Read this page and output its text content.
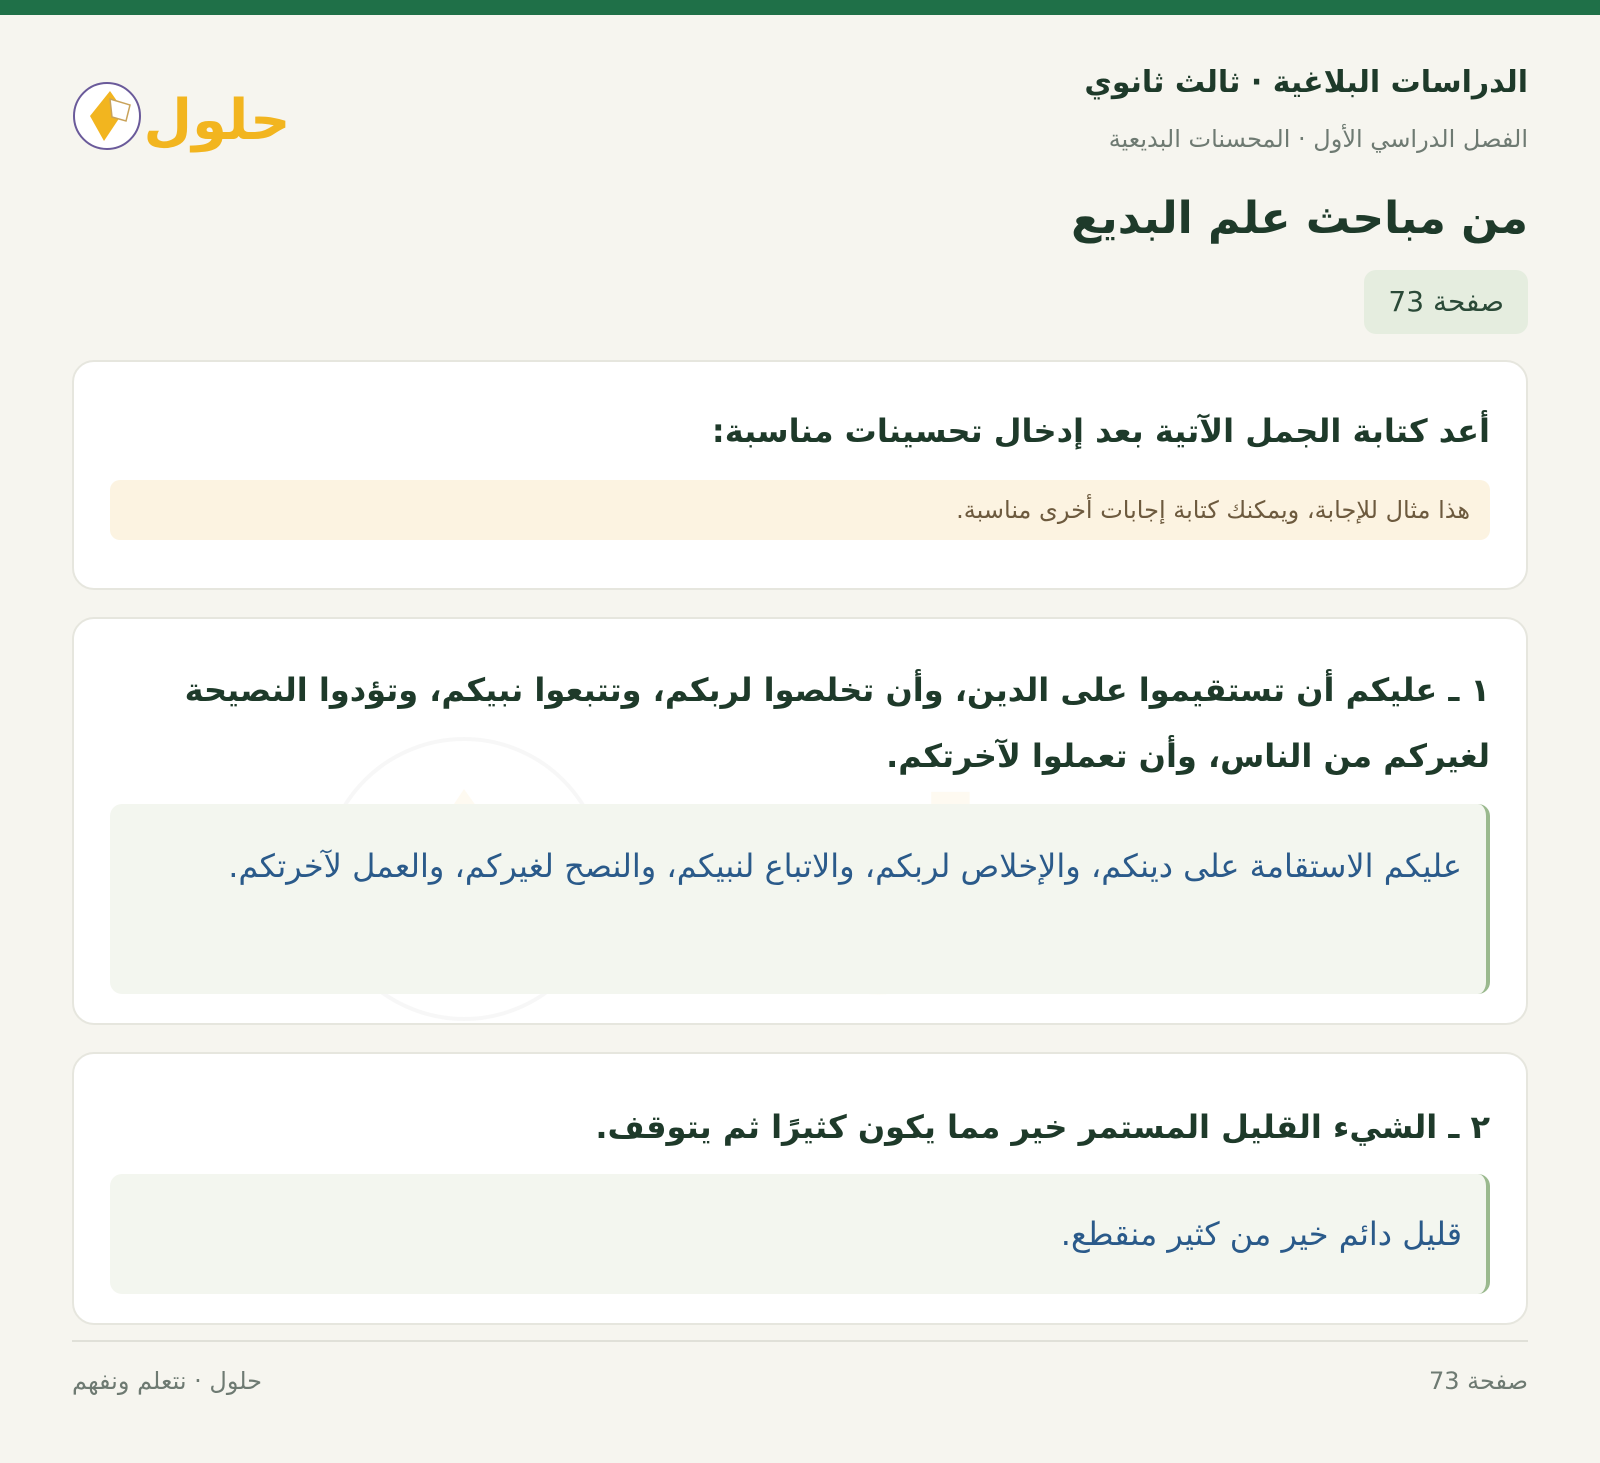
الدراسات البلاغية · ثالث ثانوي
الفصل الدراسي الأول · المحسنات البديعية
من مباحث علم البديع
صفحة 73
حلول
أعد كتابة الجمل الآتية بعد إدخال تحسينات مناسبة:
هذا مثال للإجابة، ويمكنك كتابة إجابات أخرى مناسبة.
١ ـ عليكم أن تستقيموا على الدين، وأن تخلصوا لربكم، وتتبعوا نبيكم، وتؤدوا النصيحة لغيركم من الناس، وأن تعملوا لآخرتكم.
عليكم الاستقامة على دينكم، والإخلاص لربكم، والاتباع لنبيكم، والنصح لغيركم، والعمل لآخرتكم.
٢ ـ الشيء القليل المستمر خير مما يكون كثيرًا ثم يتوقف.
قليل دائم خير من كثير منقطع.
صفحة 73
حلول · نتعلم ونفهم
